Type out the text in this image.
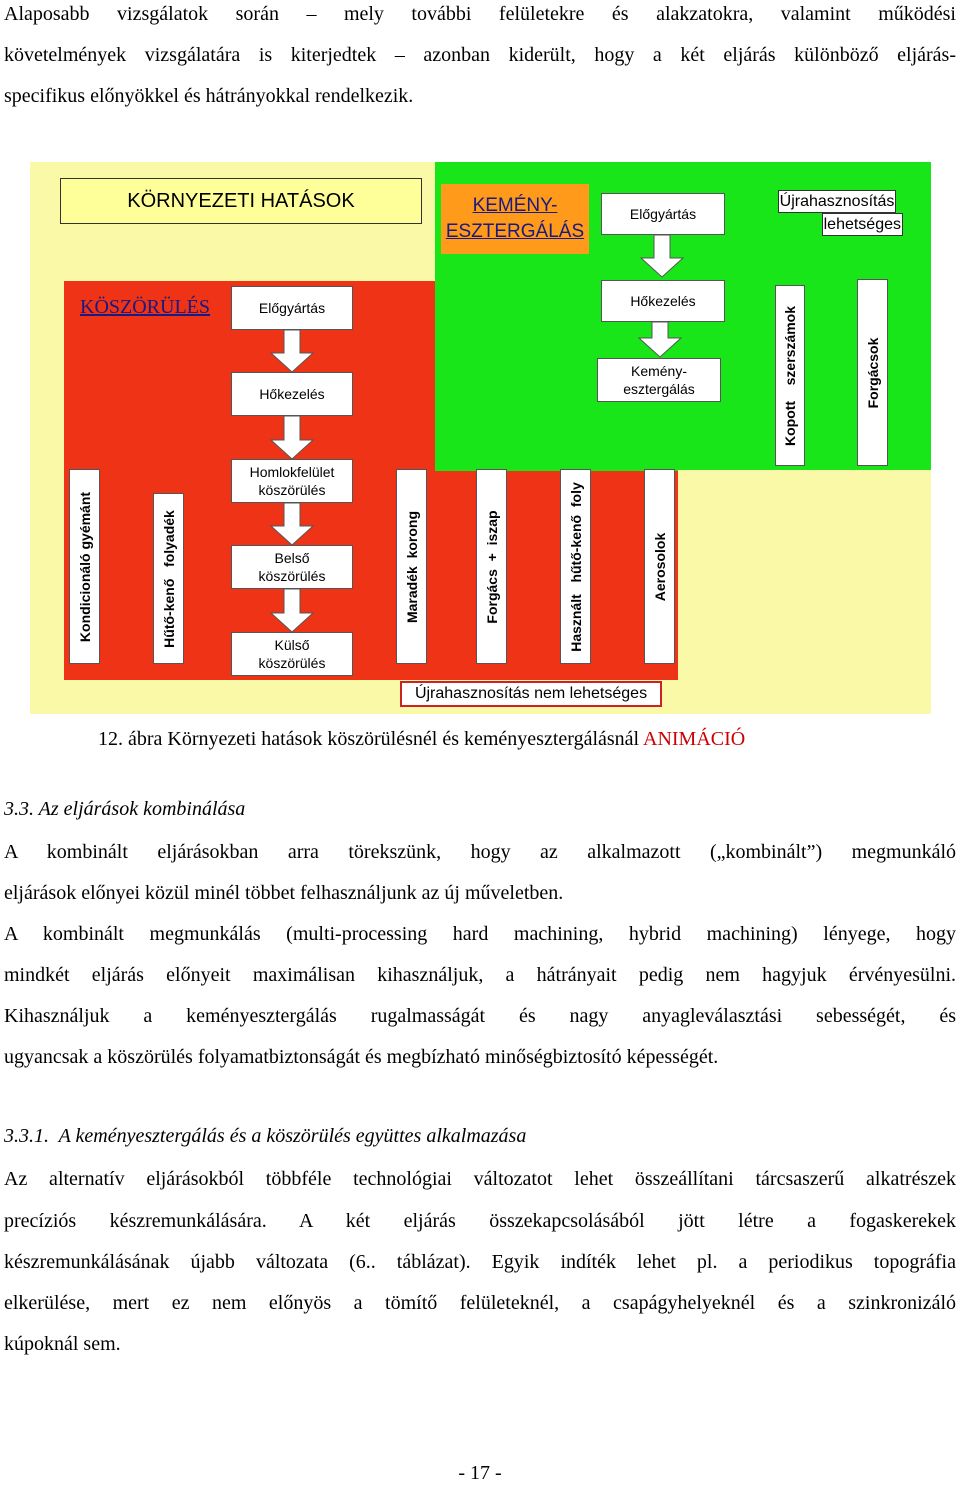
Alaposabb vizsgálatok során – mely további felületekre és alakzatokra, valamint működési
követelmények vizsgálatára is kiterjedtek – azonban kiderült, hogy a két eljárás különböző eljárás-
specifikus előnyökkel és hátrányokkal rendelkezik.
KÖRNYEZETI HATÁSOK	KEMÉNY-
ESZTERGÁLÁS
Előgyártás
Hőkezelés
Kemény-
esztergálás
Újrahasznosítás
lehetséges
Kopott    szerszámok	Forgácsok
KÖSZÖRÜLÉS	Előgyártás
Hőkezelés
Homlokfelület
köszörülés
Belső
köszörülés
Külső
köszörülés
Kondicionáló gyémánt	Hűtő-kenő   folyadék	Maradék  korong	Forgács  +  iszap	Használt   hűtő-kenő  foly	Aerosolok
Újrahasznosítás nem lehetséges
12. ábra Környezeti hatások köszörülésnél és keményesztergálásnál ANIMÁCIÓ
3.3. Az eljárások kombinálása
A kombinált eljárásokban arra törekszünk, hogy az alkalmazott („kombinált”) megmunkáló
eljárások előnyei közül minél többet felhasználjunk az új műveletben.
A kombinált megmunkálás (multi-processing hard machining, hybrid machining) lényege, hogy
mindkét eljárás előnyeit maximálisan kihasználjuk, a hátrányait pedig nem hagyjuk érvényesülni.
Kihasználjuk a keményesztergálás rugalmasságát és nagy anyagleválasztási sebességét, és
ugyancsak a köszörülés folyamatbiztonságát és megbízható minőségbiztosító képességét.
3.3.1.  A keményesztergálás és a köszörülés együttes alkalmazása
Az alternatív eljárásokból többféle technológiai változatot lehet összeállítani tárcsaszerű alkatrészek
precíziós készremunkálására. A két eljárás összekapcsolásából jött létre a fogaskerekek
készremunkálásának újabb változata (6.. táblázat). Egyik indíték lehet pl. a periodikus topográfia
elkerülése, mert ez nem előnyös a tömítő felületeknél, a csapágyhelyeknél és a szinkronizáló
kúpoknál sem.
- 17 -
